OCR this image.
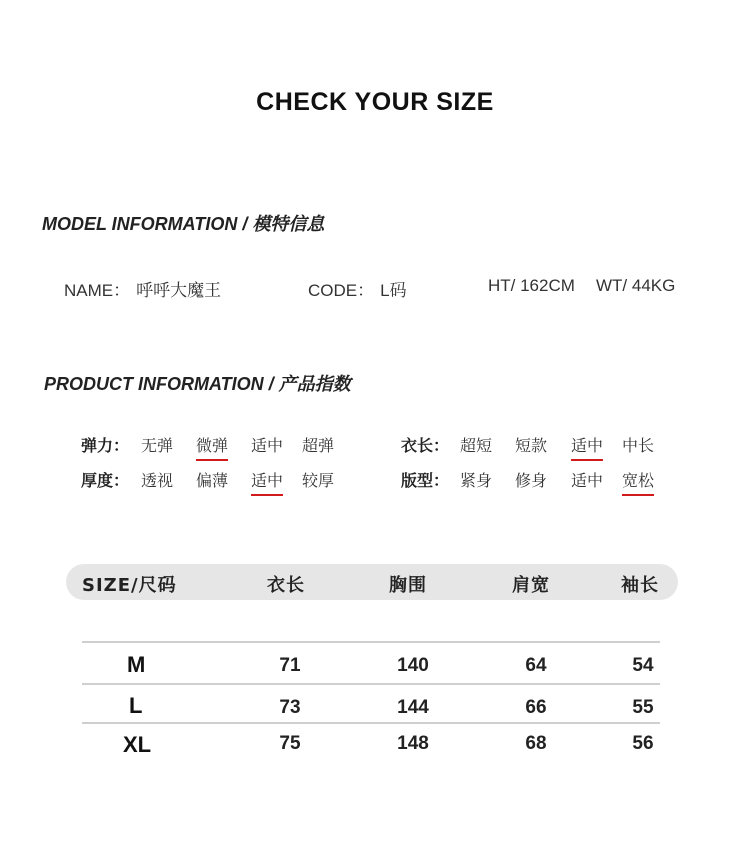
CHECK YOUR SIZE
MODEL INFORMATION / 模特信息
NAME： 呼呼大魔王	CODE： L码	HT/ 162CM WT/ 44KG
PRODUCT INFORMATION / 产品指数
弹力： 无弹 微弹 适中 超弹
厚度： 透视 偏薄 适中 较厚
衣长： 超短 短款 适中 中长
版型： 紧身 修身 适中 宽松
SIZE/尺码	衣长	胸围	肩宽	袖长
M	71	140	64	54
L	73	144	66	55
XL	75	148	68	56
